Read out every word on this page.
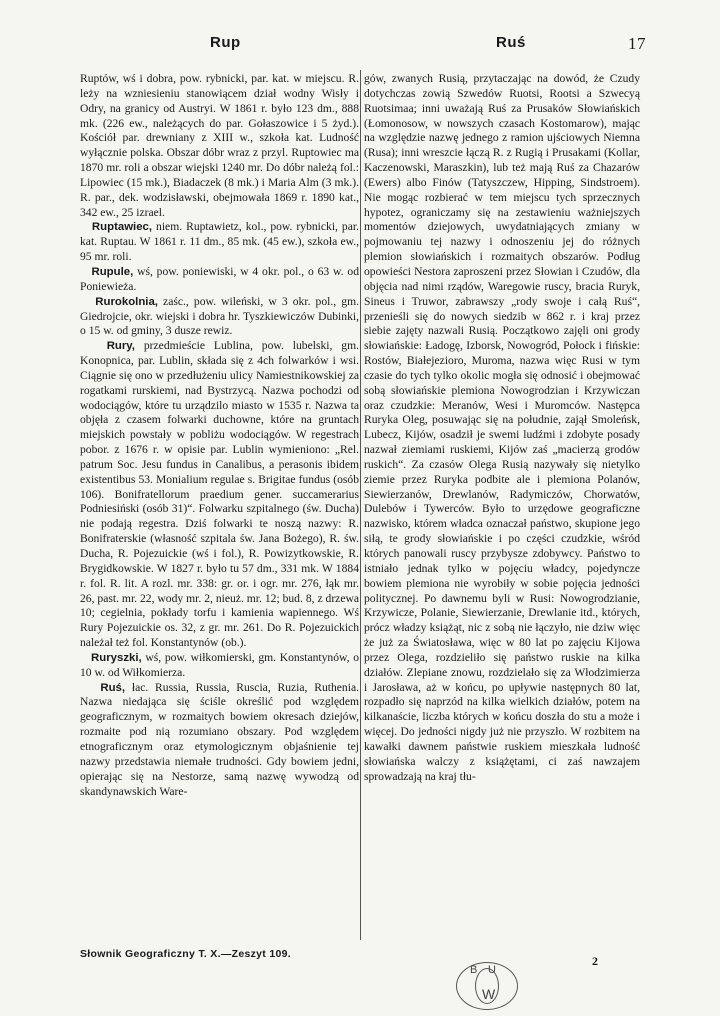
Rup	Ruś	17

Ruptów, wś i dobra, pow. rybnicki, par. kat. w miejscu. R. leży na wzniesieniu stanowiącem dział wodny Wisły i Odry, na granicy od Austryi. W 1861 r. było 123 dm., 888 mk. (226 ew., należących do par. Gołaszowice i 5 żyd.). Kościół par. drewniany z XIII w., szkoła kat. Ludność wyłącznie polska. Obszar dóbr wraz z przyl. Ruptowiec ma 1870 mr. roli a obszar wiejski 1240 mr. Do dóbr należą fol.: Lipowiec (15 mk.), Biadaczek (8 mk.) i Maria Alm (3 mk.). R. par., dek. wodzisławski, obejmowała 1869 r. 1890 kat., 342 ew., 25 izrael.

Ruptawiec, niem. Ruptawietz, kol., pow. rybnicki, par. kat. Ruptau. W 1861 r. 11 dm., 85 mk. (45 ew.), szkoła ew., 95 mr. roli.

Rupule, wś, pow. poniewiski, w 4 okr. pol., o 63 w. od Poniewieża.

Rurokolnia, zaśc., pow. wileński, w 3 okr. pol., gm. Giedrojcie, okr. wiejski i dobra hr. Tyszkiewiczów Dubinki, o 15 w. od gminy, 3 dusze rewiz.

Rury, przedmieście Lublina, pow. lubelski, gm. Konopnica, par. Lublin, składa się z 4ch folwarków i wsi. Ciągnie się ono w przedłużeniu ulicy Namiestnikowskiej za rogatkami rurskiemi, nad Bystrzycą. Nazwa pochodzi od wodociągów, które tu urządzilo miasto w 1535 r. Nazwa ta objęła z czasem folwarki duchowne, które na gruntach miejskich powstały w pobliżu wodociągów. W regestrach pobor. z 1676 r. w opisie par. Lublin wymieniono: „Rel. patrum Soc. Jesu fundus in Canalibus, a perasonis ibidem existentibus 53. Monialium regulae s. Brigitae fundus (osób 106). Bonifratellorum praedium gener. succamerarius Podniesiński (osób 31)“. Folwarku szpitalnego (św. Ducha) nie podają regestra. Dziś folwarki te noszą nazwy: R. Bonifraterskie (własność szpitala św. Jana Bożego), R. św. Ducha, R. Pojezuickie (wś i fol.), R. Powizytkowskie, R. Brygidkowskie. W 1827 r. było tu 57 dm., 331 mk. W 1884 r. fol. R. lit. A rozl. mr. 338: gr. or. i ogr. mr. 276, łąk mr. 26, past. mr. 22, wody mr. 2, nieuż. mr. 12; bud. 8, z drzewa 10; cegielnia, pokłady torfu i kamienia wapiennego. Wś Rury Pojezuickie os. 32, z gr. mr. 261. Do R. Pojezuickich należał też fol. Konstantynów (ob.).

Ruryszki, wś, pow. wiłkomierski, gm. Konstantynów, o 10 w. od Wiłkomierza.

Ruś, łac. Russia, Russia, Ruscia, Ruzia, Ruthenia. Nazwa niedająca się ściśle określić pod względem geograficznym, w rozmaitych bowiem okresach dziejów, rozmaite pod nią rozumiano obszary. Pod względem etnograficznym oraz etymologicznym objaśnienie tej nazwy przedstawia niemałe trudności. Gdy bowiem jedni, opierając się na Nestorze, samą nazwę wywodzą od skandynawskich Ware-

gów, zwanych Rusią, przytaczając na dowód, że Czudy dotychczas zowią Szwedów Ruotsi, Rootsi a Szwecyą Ruotsimaa; inni uważają Ruś za Prusaków Słowiańskich (Łomonosow, w nowszych czasach Kostomarow), mając na względzie nazwę jednego z ramion ujściowych Niemna (Rusa); inni wreszcie łączą R. z Rugią i Prusakami (Kollar, Kaczenowski, Maraszkin), lub też mają Ruś za Chazarów (Ewers) albo Finów (Tatyszczew, Hipping, Sindstroem). Nie mogąc rozbierać w tem miejscu tych sprzecznych hypotez, ograniczamy się na zestawieniu ważniejszych momentów dziejowych, uwydatniających zmiany w pojmowaniu tej nazwy i odnoszeniu jej do różnych plemion słowiańskich i rozmaitych obszarów. Podług opowieści Nestora zaproszeni przez Słowian i Czudów, dla objęcia nad nimi rządów, Waregowie ruscy, bracia Ruryk, Sineus i Truwor, zabrawszy „rody swoje i całą Ruś“, przenieśli się do nowych siedzib w 862 r. i kraj przez siebie zajęty nazwali Rusią. Początkowo zajęli oni grody słowiańskie: Ładogę, Izborsk, Nowogród, Połock i fińskie: Rostów, Białejezioro, Muroma, nazwa więc Rusi w tym czasie do tych tylko okolic mogła się odnosić i obejmować sobą słowiańskie plemiona Nowogrodzian i Krzywiczan oraz czudzkie: Meranów, Wesi i Muromców. Następca Ruryka Oleg, posuwając się na południe, zajął Smoleńsk, Lubecz, Kijów, osadził je swemi ludźmi i zdobyte posady nazwał ziemiami ruskiemi, Kijów zaś „macierzą grodów ruskich“. Za czasów Olega Rusią nazywały się nietylko ziemie przez Ruryka podbite ale i plemiona Polanów, Siewierzanów, Drewlanów, Radymiczów, Chorwatów, Dulebów i Tywerców. Było to urzędowe geograficzne nazwisko, którem władca oznaczał państwo, skupione jego siłą, te grody słowiańskie i po części czudzkie, wśród których panowali ruscy przybysze zdobywcy. Państwo to istniało jednak tylko w pojęciu władcy, pojedyncze bowiem plemiona nie wyrobiły w sobie pojęcia jedności politycznej. Po dawnemu byli w Rusi: Nowogrodzianie, Krzywicze, Polanie, Siewierzanie, Drewlanie itd., których, prócz władzy książąt, nic z sobą nie łączyło, nie dziw więc że już za Światosława, więc w 80 lat po zajęciu Kijowa przez Olega, rozdzieliło się państwo ruskie na kilka działów. Zlepiane znowu, rozdzielało się za Włodzimierza i Jarosława, aż w końcu, po upływie następnych 80 lat, rozpadło się naprzód na kilka wielkich działów, potem na kilkanaście, liczba których w końcu doszła do stu a może i więcej. Do jedności nigdy już nie przyszło. W rozbitem na kawałki dawnem państwie ruskiem mieszkała ludność słowiańska walczy z książętami, ci zaś nawzajem sprowadzają na kraj tłu-

Słownik Geograficzny T. X.—Zeszyt 109.	2
B U
W
